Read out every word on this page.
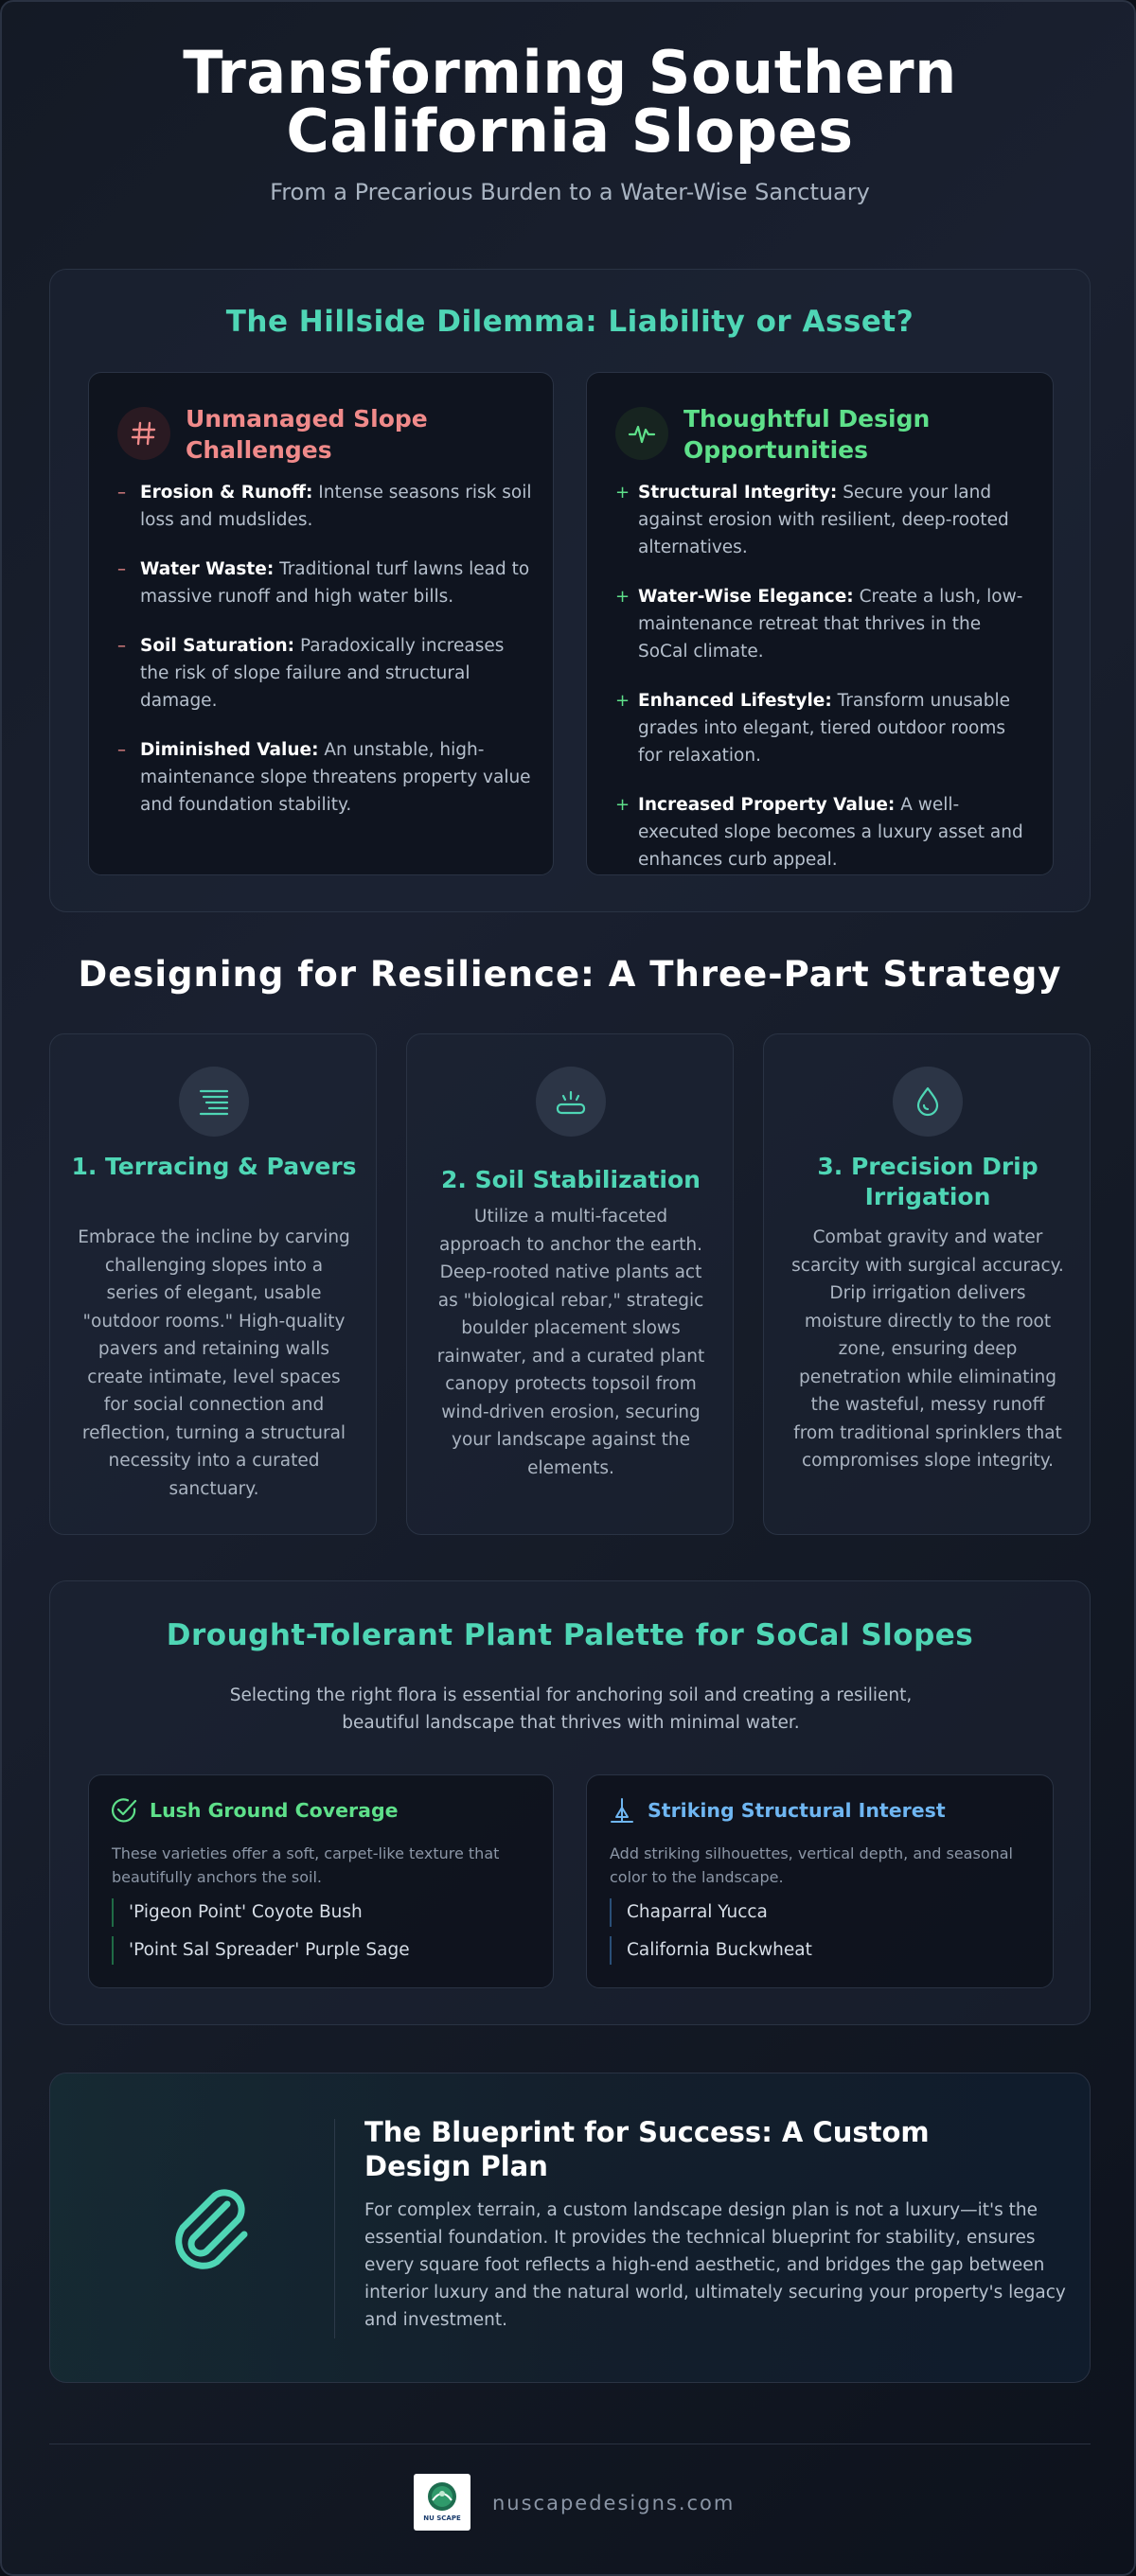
Transforming Southern California Slopes

From a Precarious Burden to a Water-Wise Sanctuary

The Hillside Dilemma: Liability or Asset?
Unmanaged Slope Challenges
– Erosion & Runoff: Intense seasons risk soil loss and mudslides.
– Water Waste: Traditional turf lawns lead to massive runoff and high water bills.
– Soil Saturation: Paradoxically increases the risk of slope failure and structural damage.
– Diminished Value: An unstable, high-maintenance slope threatens property value and foundation stability.
Thoughtful Design Opportunities
+ Structural Integrity: Secure your land against erosion with resilient, deep-rooted alternatives.
+ Water-Wise Elegance: Create a lush, low-maintenance retreat that thrives in the SoCal climate.
+ Enhanced Lifestyle: Transform unusable grades into elegant, tiered outdoor rooms for relaxation.
+ Increased Property Value: A well-executed slope becomes a luxury asset and enhances curb appeal.
Designing for Resilience: A Three-Part Strategy
1. Terracing & Pavers
Embrace the incline by carving challenging slopes into a series of elegant, usable "outdoor rooms." High-quality pavers and retaining walls create intimate, level spaces for social connection and reflection, turning a structural necessity into a curated sanctuary.
2. Soil Stabilization
Utilize a multi-faceted approach to anchor the earth. Deep-rooted native plants act as "biological rebar," strategic boulder placement slows rainwater, and a curated plant canopy protects topsoil from wind-driven erosion, securing your landscape against the elements.
3. Precision Drip Irrigation
Combat gravity and water scarcity with surgical accuracy. Drip irrigation delivers moisture directly to the root zone, ensuring deep penetration while eliminating the wasteful, messy runoff from traditional sprinklers that compromises slope integrity.
Drought-Tolerant Plant Palette for SoCal Slopes

Selecting the right flora is essential for anchoring soil and creating a resilient, beautiful landscape that thrives with minimal water.

Lush Ground Coverage
These varieties offer a soft, carpet-like texture that beautifully anchors the soil.
'Pigeon Point' Coyote Bush
'Point Sal Spreader' Purple Sage
Striking Structural Interest
Add striking silhouettes, vertical depth, and seasonal color to the landscape.
Chaparral Yucca
California Buckwheat
The Blueprint for Success: A Custom Design Plan

For complex terrain, a custom landscape design plan is not a luxury—it's the essential foundation. It provides the technical blueprint for stability, ensures every square foot reflects a high-end aesthetic, and bridges the gap between interior luxury and the natural world, ultimately securing your property's legacy and investment.

NU SCAPE
nuscapedesigns.com
